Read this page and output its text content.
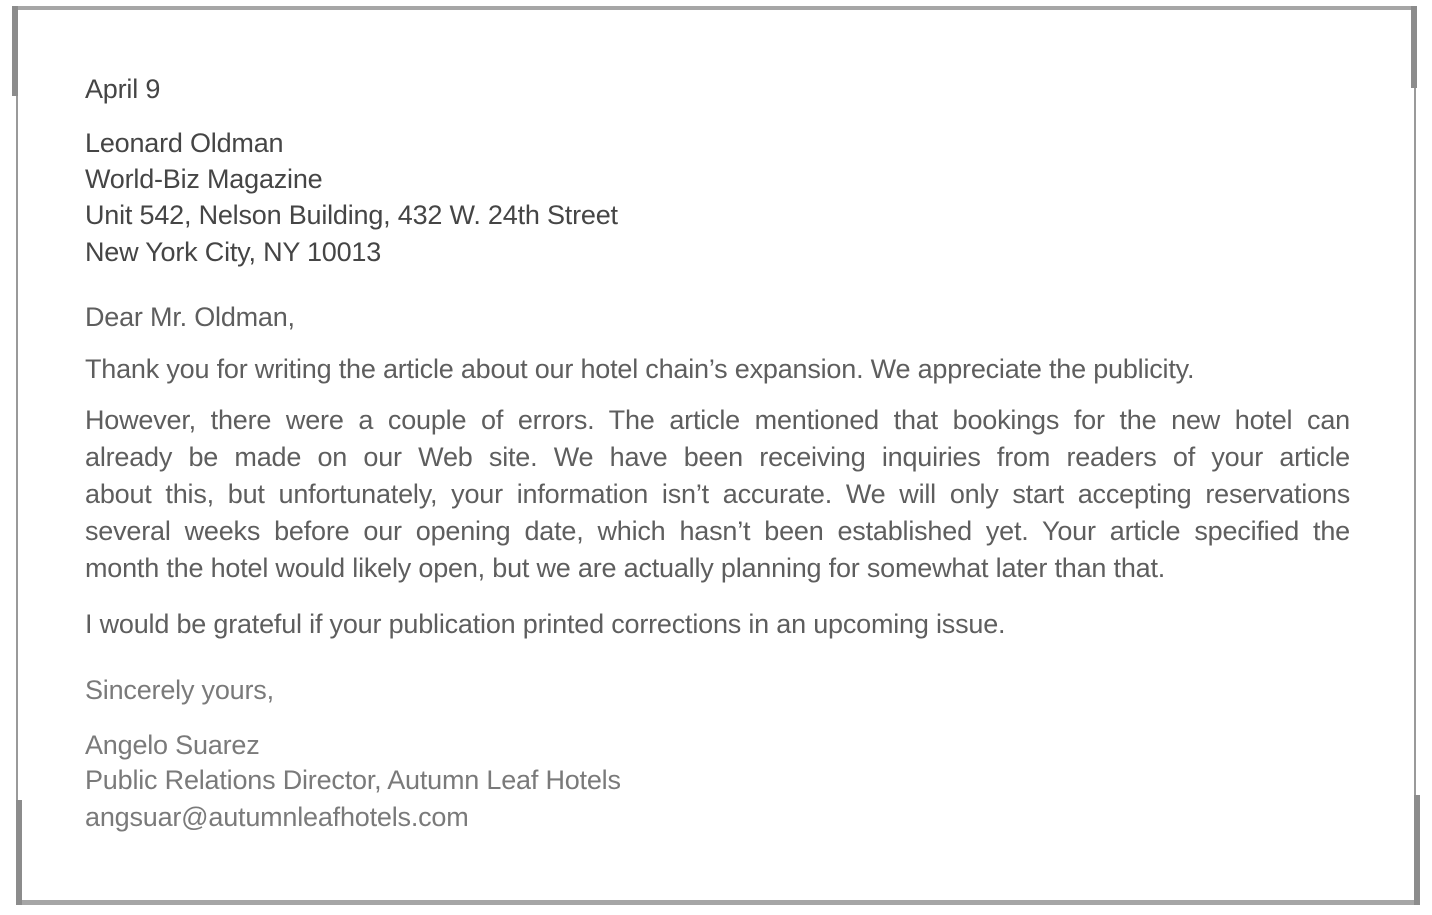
April 9
Leonard Oldman
World-Biz Magazine
Unit 542, Nelson Building, 432 W. 24th Street
New York City, NY 10013
Dear Mr. Oldman,
Thank you for writing the article about our hotel chain’s expansion. We appreciate the publicity.
However, there were a couple of errors. The article mentioned that bookings for the new hotel can
already be made on our Web site. We have been receiving inquiries from readers of your article
about this, but unfortunately, your information isn’t accurate. We will only start accepting reservations
several weeks before our opening date, which hasn’t been established yet. Your article specified the
month the hotel would likely open, but we are actually planning for somewhat later than that.
I would be grateful if your publication printed corrections in an upcoming issue.
Sincerely yours,
Angelo Suarez
Public Relations Director, Autumn Leaf Hotels
angsuar@autumnleafhotels.com
